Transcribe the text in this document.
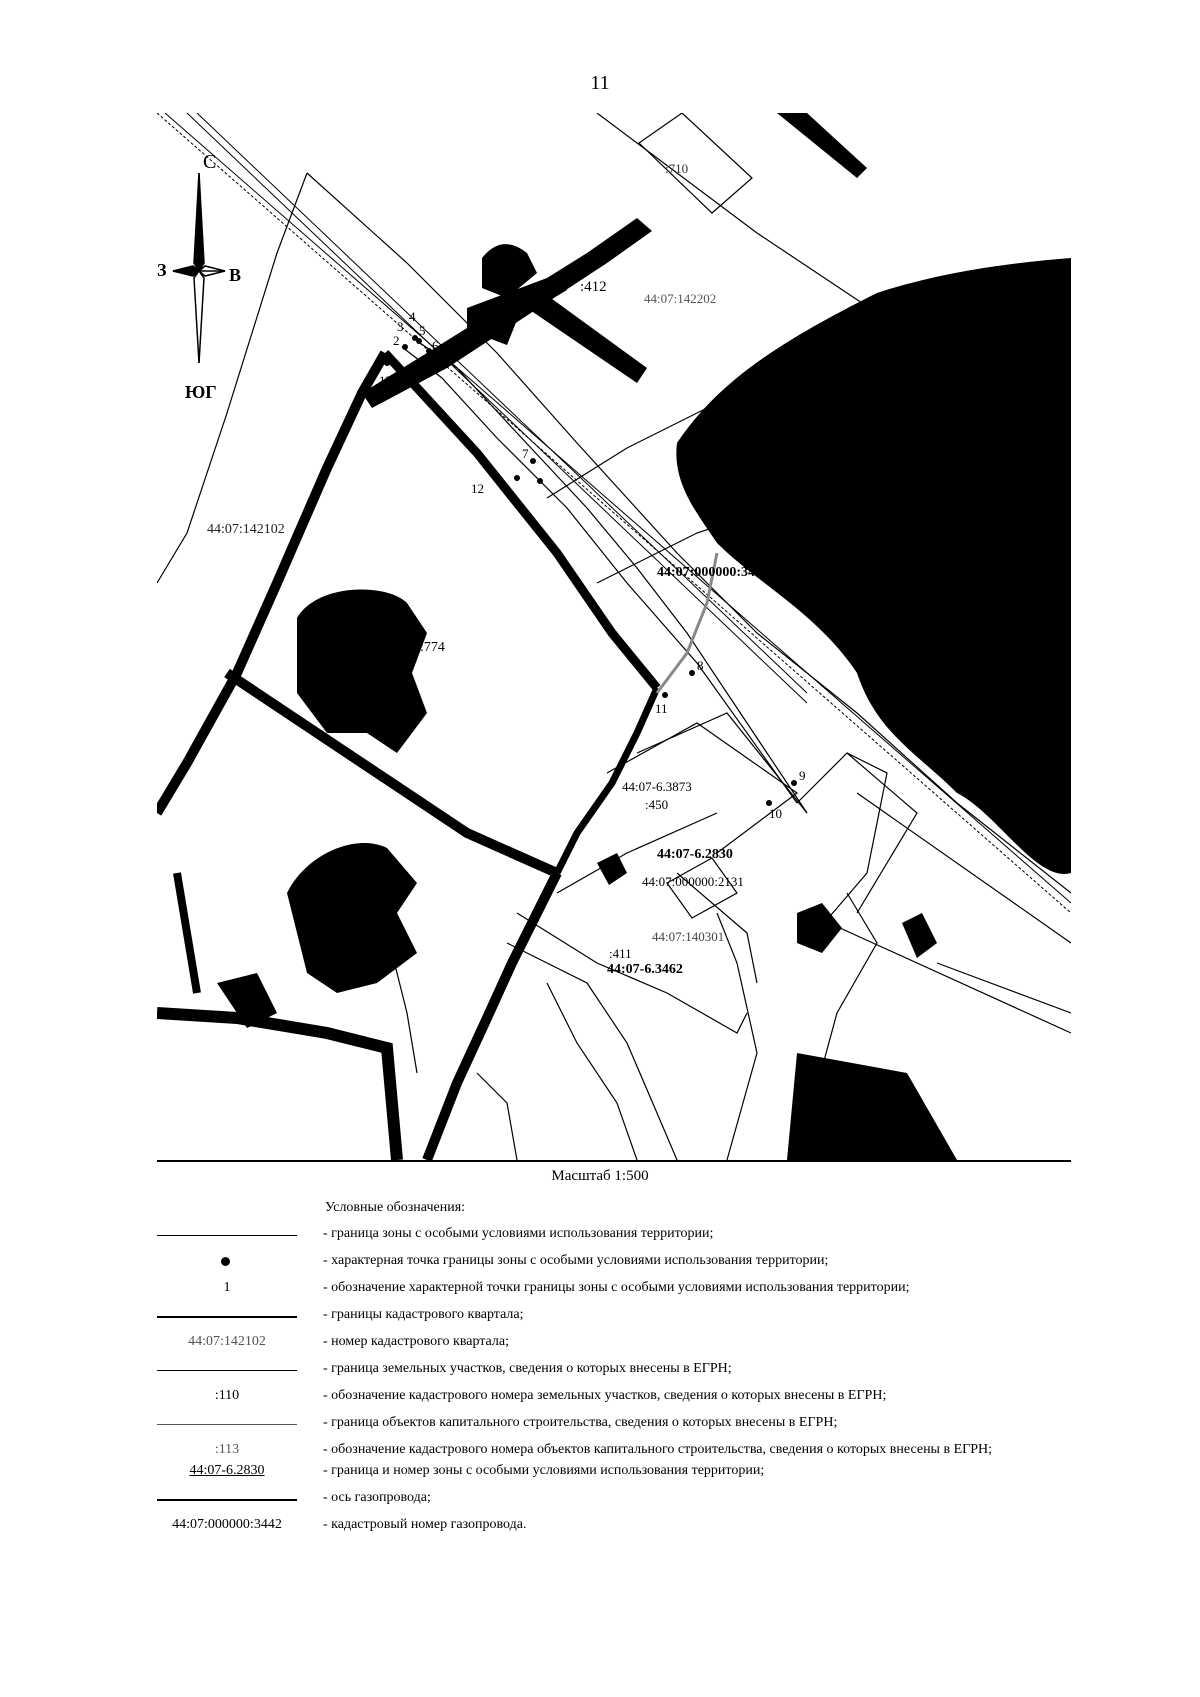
11
С
ЮГ
З	В
:710
:412
44:07:142202
44:07:142102
:774
44:07:000000:3442
44:07-6.3873
:450
44:07-6.2830
44:07:000000:2131
44:07:140301
:411
44:07-6.3462
2
3
4
5
6
7
8
9
10
11
12
13
Масштаб 1:500
Условные обозначения:
- граница зоны с особыми условиями использования территории;
- характерная точка границы зоны с особыми условиями использования территории;
1	- обозначение характерной точки границы зоны с особыми условиями использования территории;
- границы кадастрового квартала;
44:07:142102	- номер кадастрового квартала;
- граница земельных участков, сведения о которых внесены в ЕГРН;
:110	- обозначение кадастрового номера земельных участков, сведения о которых внесены в ЕГРН;
- граница объектов капитального строительства, сведения о которых внесены в ЕГРН;
:113	- обозначение кадастрового номера объектов капитального строительства, сведения о которых внесены в ЕГРН;
44:07-6.2830	- граница и номер зоны с особыми условиями использования территории;
- ось газопровода;
44:07:000000:3442	- кадастровый номер газопровода.
